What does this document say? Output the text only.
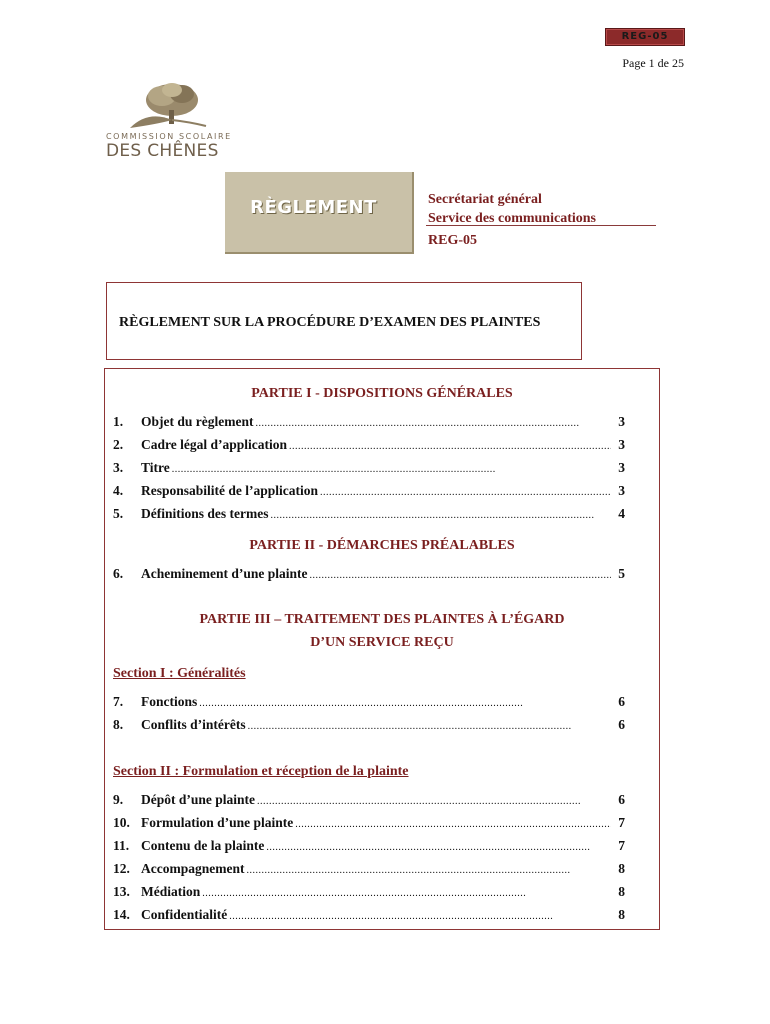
REG-05
Page 1 de 25
COMMISSION SCOLAIRE
DES CHÊNES
RÈGLEMENT	Secrétariat général
Service des communications
REG-05
RÈGLEMENT SUR LA PROCÉDURE D’EXAMEN DES PLAINTES
PARTIE I - DISPOSITIONS GÉNÉRALES
1.	Objet du règlement . . .	3
2.	Cadre légal d’application . . .	3
3.	Titre . . .	3
4.	Responsabilité de l’application . . .	3
5.	Définitions des termes . . .	4
PARTIE II - DÉMARCHES PRÉALABLES
6.	Acheminement d’une plainte . . .	5
PARTIE III – TRAITEMENT DES PLAINTES À L’ÉGARD
D’UN SERVICE REÇU
Section I : Généralités
7.	Fonctions . . .	6
8.	Conflits d’intérêts . . .	6
Section II : Formulation et réception de la plainte
9.	Dépôt d’une plainte . . .	6
10. Formulation d’une plainte . . .	7
11. Contenu de la plainte . . .	7
12. Accompagnement . . .	8
13. Médiation . . .	8
14. Confidentialité . . .	8
